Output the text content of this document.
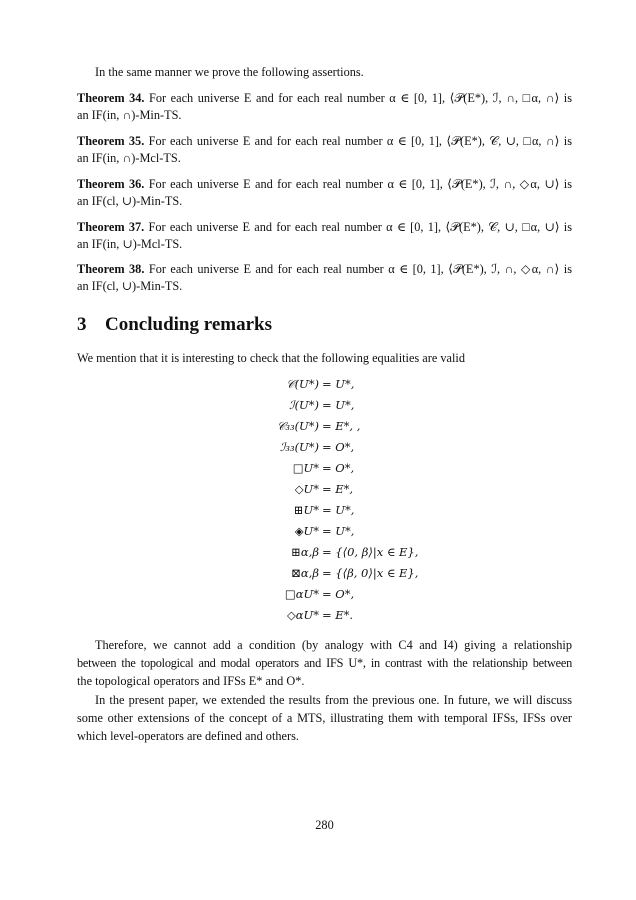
In the same manner we prove the following assertions.
Theorem 34. For each universe E and for each real number α ∈ [0, 1], ⟨𝒫(E*), ℐ, ∩, □α, ∩⟩ is
an IF(in, ∩)-Min-TS.
Theorem 35. For each universe E and for each real number α ∈ [0, 1], ⟨𝒫(E*), 𝒞, ∪, □α, ∩⟩ is
an IF(in, ∩)-Mcl-TS.
Theorem 36. For each universe E and for each real number α ∈ [0, 1], ⟨𝒫(E*), ℐ, ∩, ◇α, ∪⟩ is
an IF(cl, ∪)-Min-TS.
Theorem 37. For each universe E and for each real number α ∈ [0, 1], ⟨𝒫(E*), 𝒞, ∪, □α, ∪⟩ is
an IF(in, ∪)-Mcl-TS.
Theorem 38. For each universe E and for each real number α ∈ [0, 1], ⟨𝒫(E*), ℐ, ∩, ◇α, ∩⟩ is
an IF(cl, ∪)-Min-TS.
3 Concluding remarks
We mention that it is interesting to check that the following equalities are valid
𝒞(U*) = U*,
ℐ(U*) = U*,
𝒞₃₃(U*) = E*, ,
ℐ₃₃(U*) = O*,
□U* = O*,
◇U* = E*,
⊞U* = U*,
◈U* = U*,
⊞α,β = {⟨0, β⟩|x ∈ E},
⊠α,β = {⟨β, 0⟩|x ∈ E},
□αU* = O*,
◇αU* = E*.
Therefore, we cannot add a condition (by analogy with C4 and I4) giving a relationship
between the topological and modal operators and IFS U*, in contrast with the relationship between
the topological operators and IFSs E* and O*.
In the present paper, we extended the results from the previous one. In future, we will discuss
some other extensions of the concept of a MTS, illustrating them with temporal IFSs, IFSs over
which level-operators are defined and others.
280
